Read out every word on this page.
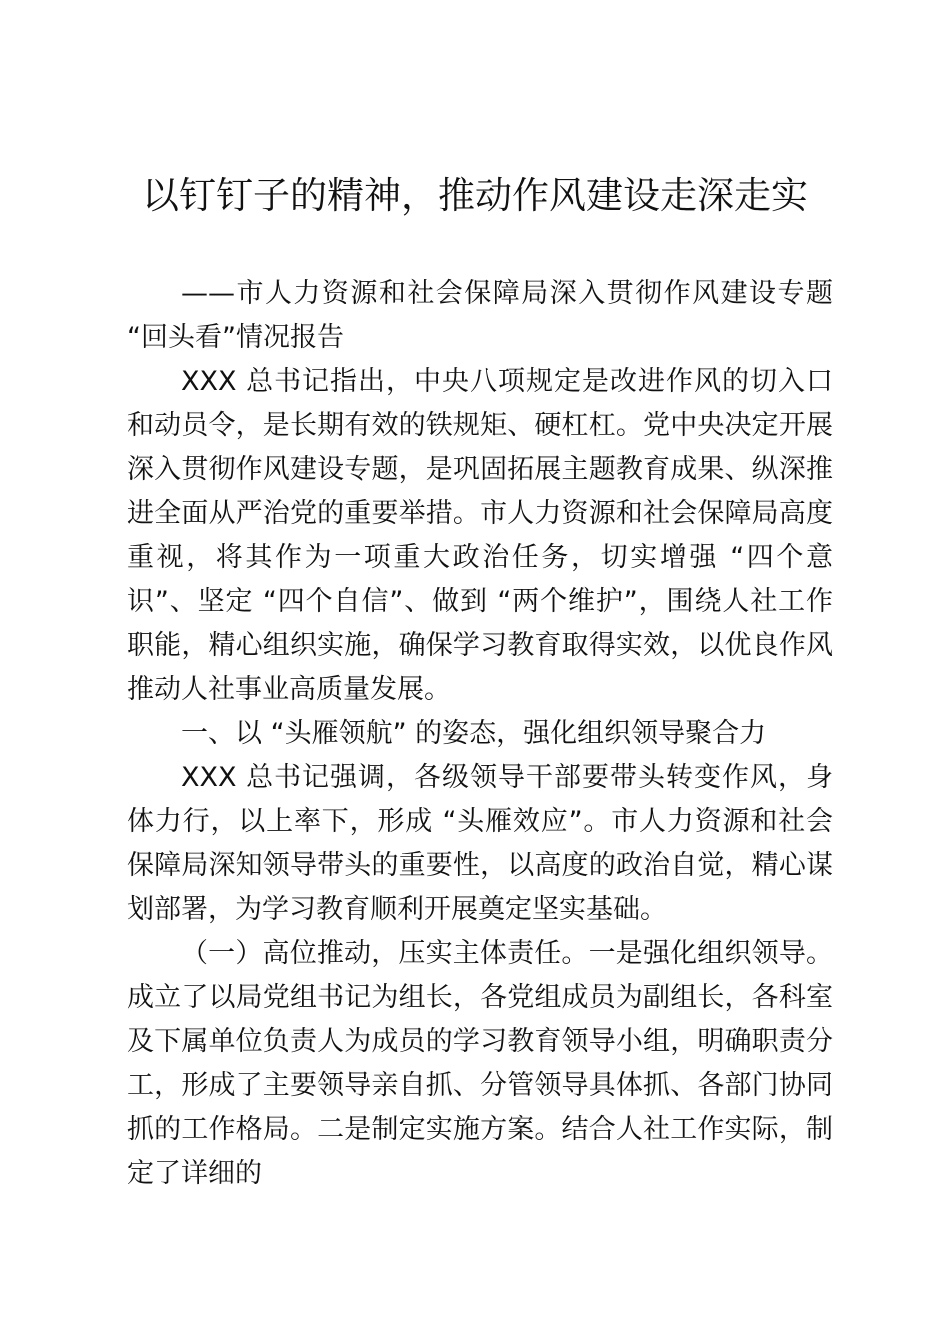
以钉钉子的精神，推动作风建设走深走实

——市人力资源和社会保障局深入贯彻作风建设专题 “回头看”情况报告

XXX 总书记指出，中央八项规定是改进作风的切入口和动员令，是长期有效的铁规矩、硬杠杠。党中央决定开展深入贯彻作风建设专题，是巩固拓展主题教育成果、纵深推进全面从严治党的重要举措。市人力资源和社会保障局高度重视，将其作为一项重大政治任务，切实增强 “四个意识”、坚定 “四个自信”、做到 “两个维护”，围绕人社工作职能，精心组织实施，确保学习教育取得实效，以优良作风推动人社事业高质量发展。

一、以 “头雁领航” 的姿态，强化组织领导聚合力

XXX 总书记强调，各级领导干部要带头转变作风，身体力行，以上率下，形成 “头雁效应”。市人力资源和社会保障局深知领导带头的重要性，以高度的政治自觉，精心谋划部署，为学习教育顺利开展奠定坚实基础。

（一）高位推动，压实主体责任。一是强化组织领导。成立了以局党组书记为组长，各党组成员为副组长，各科室及下属单位负责人为成员的学习教育领导小组，明确职责分工，形成了主要领导亲自抓、分管领导具体抓、各部门协同抓的工作格局。二是制定实施方案。结合人社工作实际，制定了详细的
